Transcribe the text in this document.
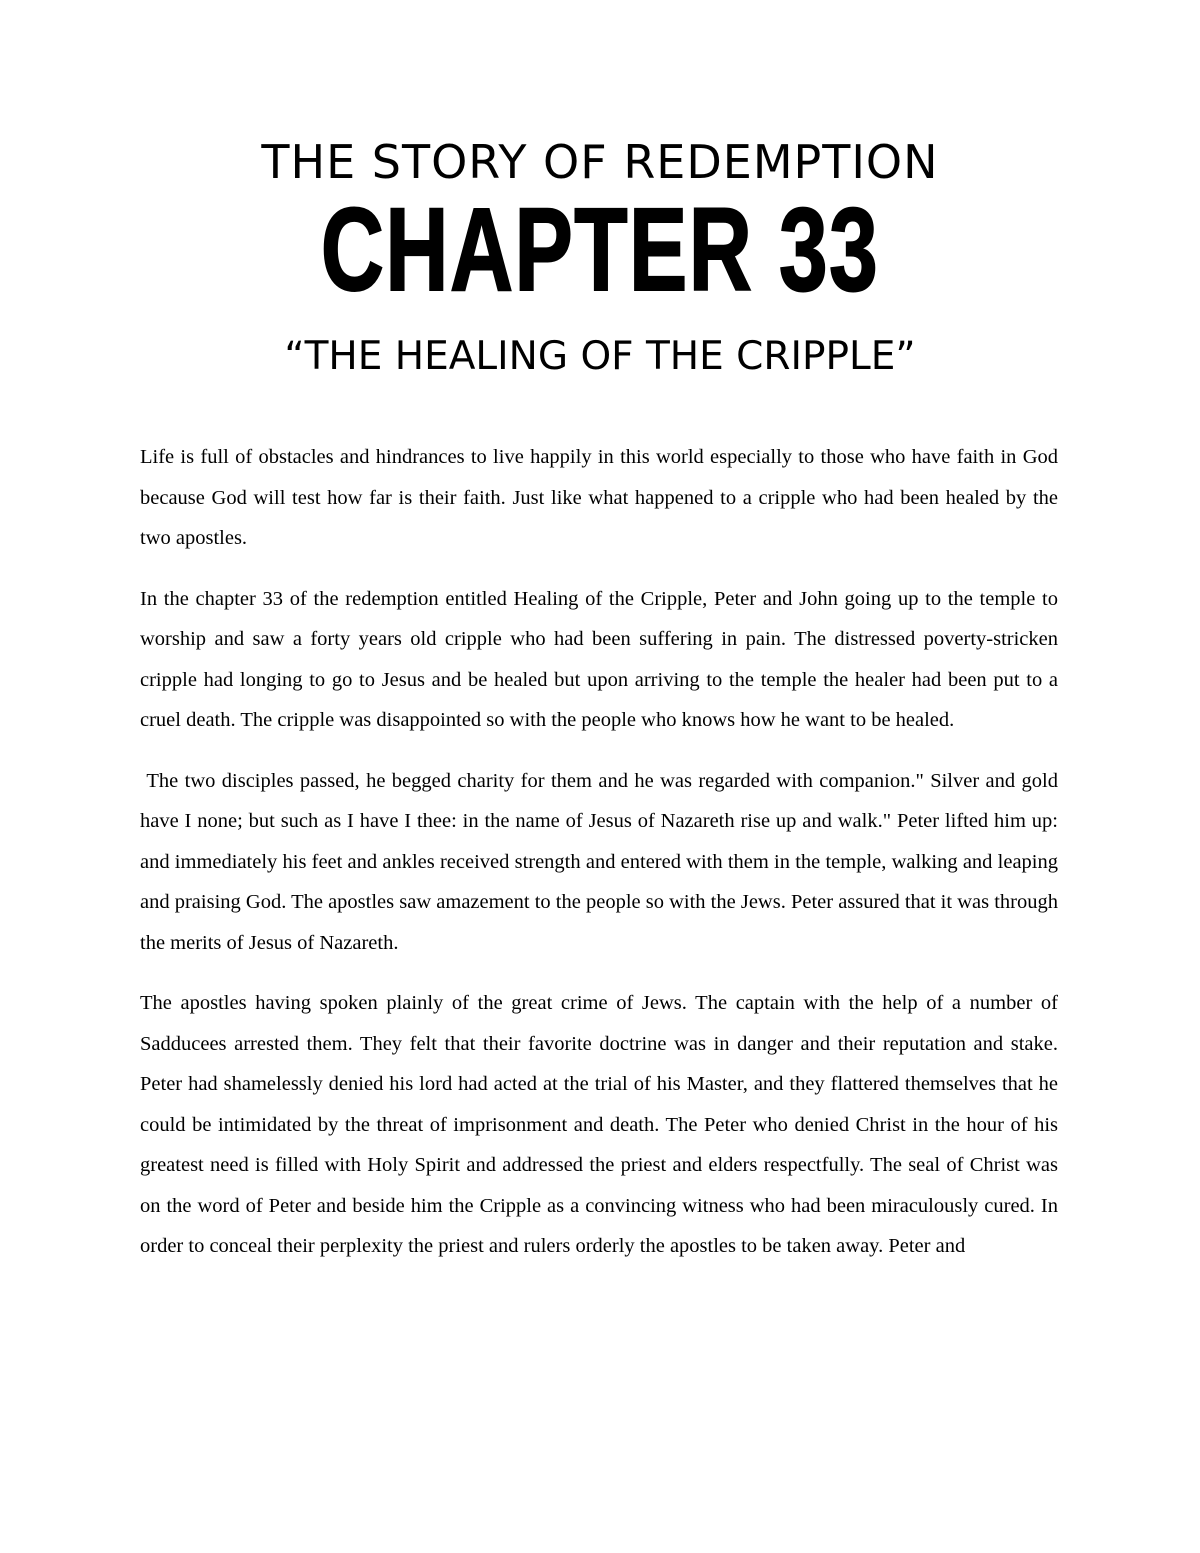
THE STORY OF REDEMPTION
CHAPTER 33
“THE HEALING OF THE CRIPPLE”

Life is full of obstacles and hindrances to live happily in this world especially to those who have faith in God because God will test how far is their faith. Just like what happened to a cripple who had been healed by the two apostles.

In the chapter 33 of the redemption entitled Healing of the Cripple, Peter and John going up to the temple to worship and saw a forty years old cripple who had been suffering in pain. The distressed poverty-stricken cripple had longing to go to Jesus and be healed but upon arriving to the temple the healer had been put to a cruel death. The cripple was disappointed so with the people who knows how he want to be healed.

The two disciples passed, he begged charity for them and he was regarded with companion." Silver and gold have I none; but such as I have I thee: in the name of Jesus of Nazareth rise up and walk." Peter lifted him up: and immediately his feet and ankles received strength and entered with them in the temple, walking and leaping and praising God. The apostles saw amazement to the people so with the Jews. Peter assured that it was through the merits of Jesus of Nazareth.

The apostles having spoken plainly of the great crime of Jews. The captain with the help of a number of Sadducees arrested them. They felt that their favorite doctrine was in danger and their reputation and stake. Peter had shamelessly denied his lord had acted at the trial of his Master, and they flattered themselves that he could be intimidated by the threat of imprisonment and death. The Peter who denied Christ in the hour of his greatest need is filled with Holy Spirit and addressed the priest and elders respectfully. The seal of Christ was on the word of Peter and beside him the Cripple as a convincing witness who had been miraculously cured. In order to conceal their perplexity the priest and rulers orderly the apostles to be taken away. Peter and
